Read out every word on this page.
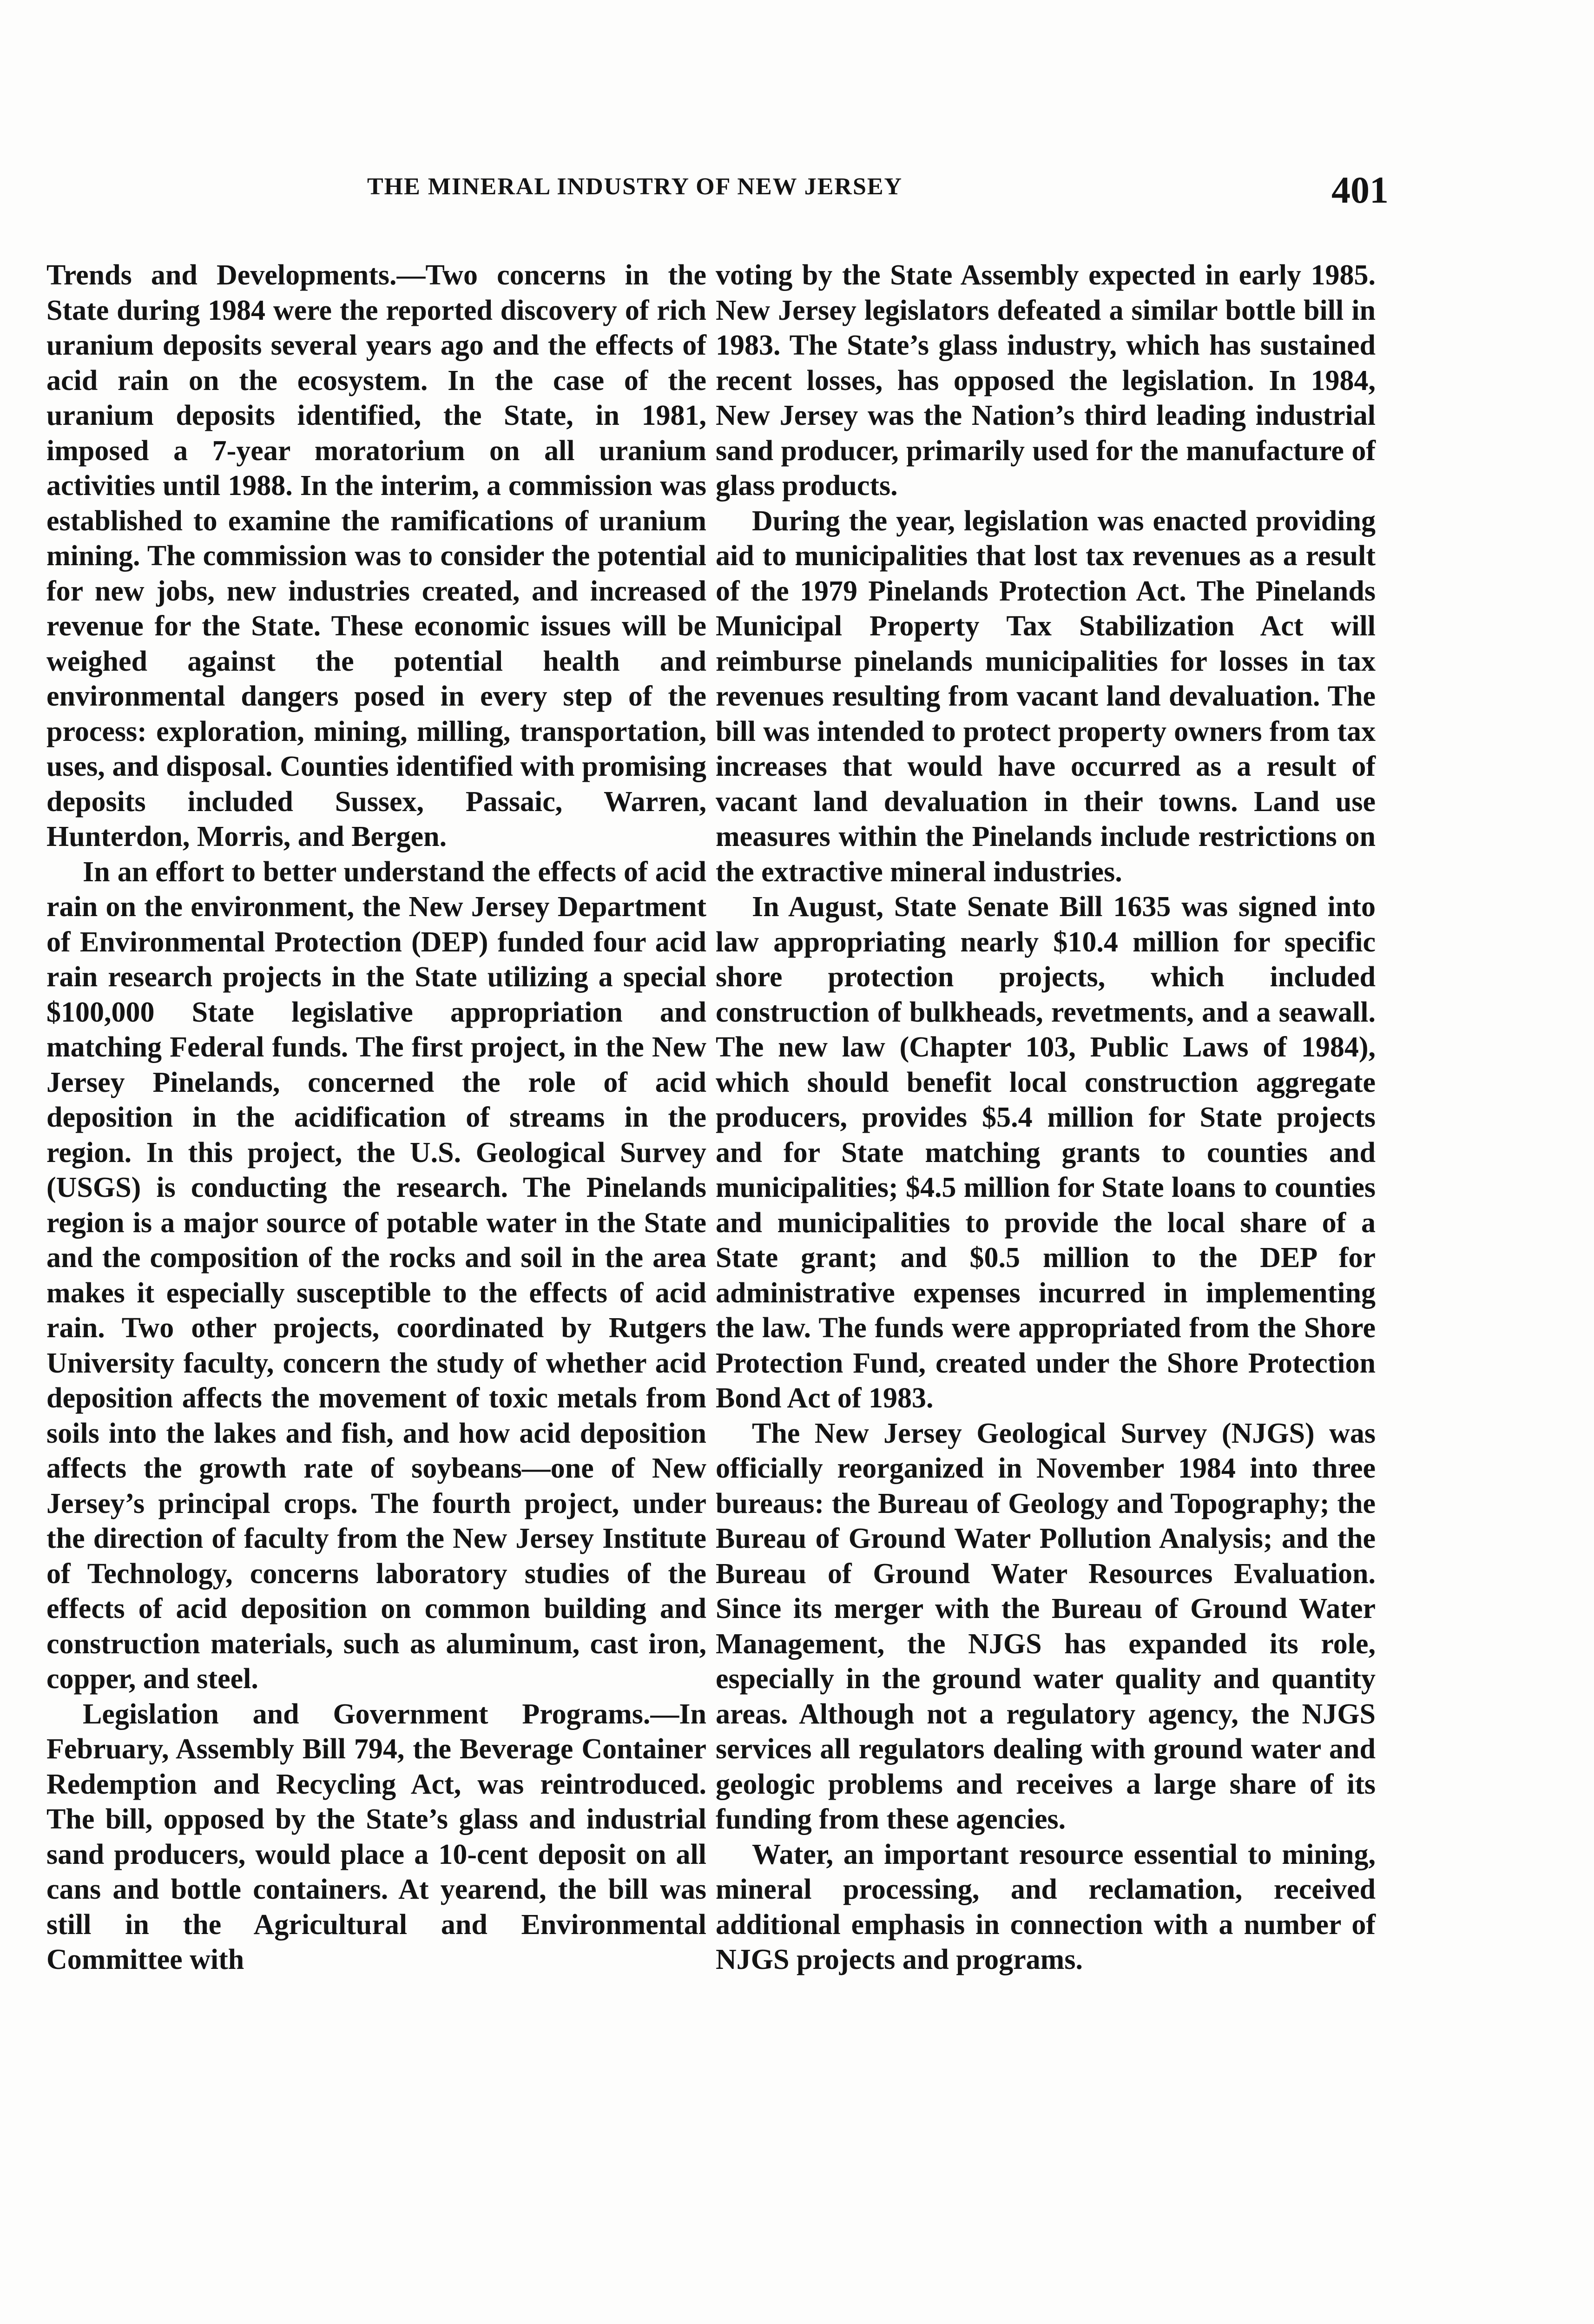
THE MINERAL INDUSTRY OF NEW JERSEY	401

Trends and Developments.—Two concerns in the State during 1984 were the reported discovery of rich uranium deposits several years ago and the effects of acid rain on the ecosystem. In the case of the uranium deposits identified, the State, in 1981, imposed a 7-year moratorium on all uranium activities until 1988. In the interim, a commission was established to examine the ramifications of uranium mining. The commission was to consider the potential for new jobs, new industries created, and increased revenue for the State. These economic issues will be weighed against the potential health and environmental dangers posed in every step of the process: exploration, mining, milling, transportation, uses, and disposal. Counties identified with promising deposits included Sussex, Passaic, Warren, Hunterdon, Morris, and Bergen.

In an effort to better understand the effects of acid rain on the environment, the New Jersey Department of Environmental Protection (DEP) funded four acid rain research projects in the State utilizing a special $100,000 State legislative appropriation and matching Federal funds. The first project, in the New Jersey Pinelands, concerned the role of acid deposition in the acidification of streams in the region. In this project, the U.S. Geological Survey (USGS) is conducting the research. The Pinelands region is a major source of potable water in the State and the composition of the rocks and soil in the area makes it especially susceptible to the effects of acid rain. Two other projects, coordinated by Rutgers University faculty, concern the study of whether acid deposition affects the movement of toxic metals from soils into the lakes and fish, and how acid deposition affects the growth rate of soybeans—one of New Jersey’s principal crops. The fourth project, under the direction of faculty from the New Jersey Institute of Technology, concerns laboratory studies of the effects of acid deposition on common building and construction materials, such as aluminum, cast iron, copper, and steel.

Legislation and Government Programs.—In February, Assembly Bill 794, the Beverage Container Redemption and Recycling Act, was reintroduced. The bill, opposed by the State’s glass and industrial sand producers, would place a 10-cent deposit on all cans and bottle containers. At yearend, the bill was still in the Agricultural and Environmental Committee with

voting by the State Assembly expected in early 1985. New Jersey legislators defeated a similar bottle bill in 1983. The State’s glass industry, which has sustained recent losses, has opposed the legislation. In 1984, New Jersey was the Nation’s third leading industrial sand producer, primarily used for the manufacture of glass products.

During the year, legislation was enacted providing aid to municipalities that lost tax revenues as a result of the 1979 Pinelands Protection Act. The Pinelands Municipal Property Tax Stabilization Act will reimburse pinelands municipalities for losses in tax revenues resulting from vacant land devaluation. The bill was intended to protect property owners from tax increases that would have occurred as a result of vacant land devaluation in their towns. Land use measures within the Pinelands include restrictions on the extractive mineral industries.

In August, State Senate Bill 1635 was signed into law appropriating nearly $10.4 million for specific shore protection projects, which included construction of bulkheads, revetments, and a seawall. The new law (Chapter 103, Public Laws of 1984), which should benefit local construction aggregate producers, provides $5.4 million for State projects and for State matching grants to counties and municipalities; $4.5 million for State loans to counties and municipalities to provide the local share of a State grant; and $0.5 million to the DEP for administrative expenses incurred in implementing the law. The funds were appropriated from the Shore Protection Fund, created under the Shore Protection Bond Act of 1983.

The New Jersey Geological Survey (NJGS) was officially reorganized in November 1984 into three bureaus: the Bureau of Geology and Topography; the Bureau of Ground Water Pollution Analysis; and the Bureau of Ground Water Resources Evaluation. Since its merger with the Bureau of Ground Water Management, the NJGS has expanded its role, especially in the ground water quality and quantity areas. Although not a regulatory agency, the NJGS services all regulators dealing with ground water and geologic problems and receives a large share of its funding from these agencies.

Water, an important resource essential to mining, mineral processing, and reclamation, received additional emphasis in connection with a number of NJGS projects and programs.
